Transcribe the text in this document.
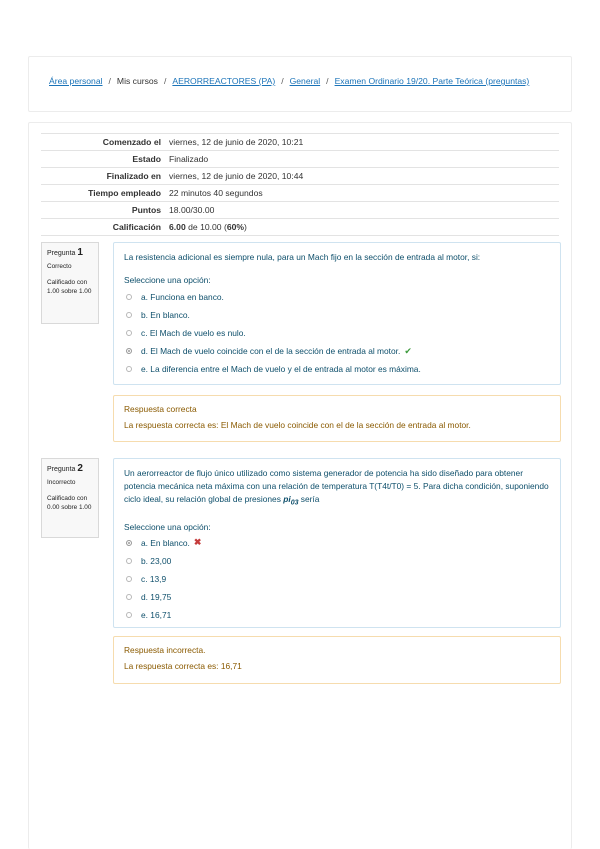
Área personal / Mis cursos / AERORREACTORES (PA) / General / Examen Ordinario 19/20. Parte Teórica (preguntas)
Comenzado el	viernes, 12 de junio de 2020, 10:21
Estado	Finalizado
Finalizado en	viernes, 12 de junio de 2020, 10:44
Tiempo empleado	22 minutos 40 segundos
Puntos	18.00/30.00
Calificación	6.00 de 10.00 (60%)
Pregunta 1
Correcto
Calificado con 1.00 sobre 1.00
La resistencia adicional es siempre nula, para un Mach fijo en la sección de entrada al motor, si:
Seleccione una opción:
a. Funciona en banco.
b. En blanco.
c. El Mach de vuelo es nulo.
d. El Mach de vuelo coincide con el de la sección de entrada al motor. ✔
e. La diferencia entre el Mach de vuelo y el de entrada al motor es máxima.
Respuesta correcta
La respuesta correcta es: El Mach de vuelo coincide con el de la sección de entrada al motor.
Pregunta 2
Incorrecto
Calificado con 0.00 sobre 1.00
Un aerorreactor de flujo único utilizado como sistema generador de potencia ha sido diseñado para obtener potencia mecánica neta máxima con una relación de temperatura T(T4t/T0) = 5. Para dicha condición, suponiendo ciclo ideal, su relación global de presiones $pi_{03}$ sería
Seleccione una opción:
a. En blanco. ✖
b. 23,00
c. 13,9
d. 19,75
e. 16,71
Respuesta incorrecta.
La respuesta correcta es: 16,71
